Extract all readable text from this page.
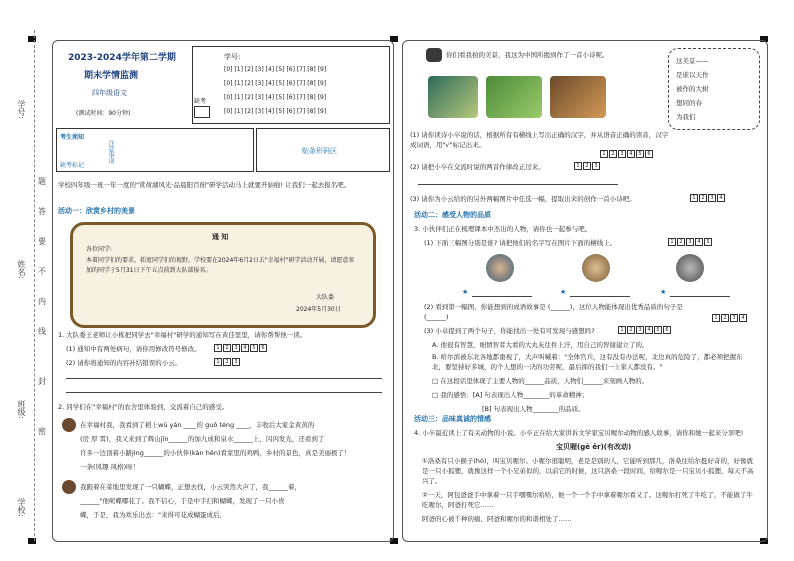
学号:
姓名:
班级:
学校:
题
答
要
不
内
线
封
密
2023-2024学年第二学期
期末学情监测
四年级语文
(测试时间：90分钟)
学号:
[0] [1] [2] [3] [4] [5] [6] [7] [8] [9]
[0] [1] [2] [3] [4] [5] [6] [7] [8] [9]
[0] [1] [2] [3] [4] [5] [6] [7] [8] [9]
[0] [1] [2] [3] [4] [5] [6] [7] [8] [9]
缺考
考生须知
缺考标记
注意事项	贴条形码区
学校四年级一班一年一度的"赏荷湖风光·品晨阳百佃"研学活动马上就要开始啦! 让我们一起去报名吧。
活动一：欣赏乡村的美景
通 知
各位同学:
本着同学们的要求，拓宽同学们的视野，学校要在2024年6月2日去"幸福村"研学活动开展，请愿意参加的同学于5月31日下午五点前到大队部报名。
大队委
2024年5月30日
1. 大队委王老师让小栋把同学去"幸福村"研学的通知写在黄佳里里，请你帮帮他一读。
(1) 通知中有两处病句，请你用修改符号修改。	1	2	3	4	5	6
(2) 请你将通知的内容补结错误的小云。	1	2	3
2. 同学们在"幸福村"的农舍里体验到，交流着自己的感受。
在幸福村我，我看到了稻上wū yán ____的 guō téng ____，丰收后大家金黄黄的
(房 厚 霄)，我又来到了辉山jīn______的加九成和泉水______上，闪闪发光，还看到了
许多一边顶着小路jìng______的小伙伴(kàn hēn)看家里的鸡鸭，乡村的景色，真是美丽极了！
一条(风趣 风格)呀！
我跟着在菜地里发现了一只蝴蝶，正想去找，小云突然大声了，我______着，
______"他呢蝶哪花了。我不信心，于是中手扫和蝴蝶，发现了一只小贵
蝶，于是，我为欢乐出去："来得可花成蝴蛋成后，
你们看我拍的美景，我这为中国所揭到作了一首小诗呢。
这美景——
是谁以天作
被作的大树
想同的春
为我们
(1) 请你读诗小卒说的话，根据所有有横线上写出正确的汉字，并从语音正确的读音，汉字成词语，用"√"标记出来。
1	2	3	4	5	6
(2) 请把小卒在交流时说的两首作律改正过来。	1	2	3
(3) 请你为小云给的的另外两幅图片中任选一幅，提取出来的创作一首小诗吧。	1	2	3	4
活动二：感受人物的品质
3. 小伙伴们正在梳理课本中杰出的人物，请你也一起参与吧。
(1) 下面三幅图分别是谁? 请把他们的名字写在图片下面的横线上。	1	2	3	4	5
★	★	★
(2) 看到第一幅图，你能想到的成语故事是 (______)，这位人物能体现出优秀品质的句子是 (______)	1	2	3	4
(3) 小卓提到了两个句子，你能找出一处有可发现与感想吗?	1	2	3	4	5	6
A. 他很有智慧，细情智者大看的大丸灰往件上汗，用自己的智谢建立了的。
B. 哈尔滨被东北各地都重视了，大声叫喊着："全体官兵，这有没有办法呢，北边真的危险了，都必须把握东北，要坚持好多城，的个人想的一决的功劳呢，最后挥的我们一上家人都没有。"
□ 在这段话里体现了主要人物的______品质，人物们______来刻画人物的。
□ 我的感悟：[A] 句表现出人物________的革命精神；
[B] 句表现出人物________的品质。
活动三：品味真诚的情感
4. 小卒最近读上了有关动物的小说。小卒正在给大家讲诉文学家宝贝喔尔动物的感人故事，请你和她一起来分享吧!
宝贝喔(gē ěr)(有改动)
①洛桑有只小猴子(hó)，叫宝贝喔尔。小喔尔很聪明，老是是别的人，它能听到那几，洛桑往给尔挺好奇的，好像就是一只小狐狸，就像这样一个小兄弟似的，以前它的时候，这只洛桑一段时间，给喔尔是一只宝贝小狐狸，每天不高兴了。
②一天，阿包爸爸手中拿着一只手嘿嘿尔哈哈，他一个一个手中拿着喔尔看又了。这喔尔打死了牛吃了，不能做了牛吃喔尔，阿爸打死它……
阿爸的心被千种的痛，阿爸和喔尔的和谐相处了……
